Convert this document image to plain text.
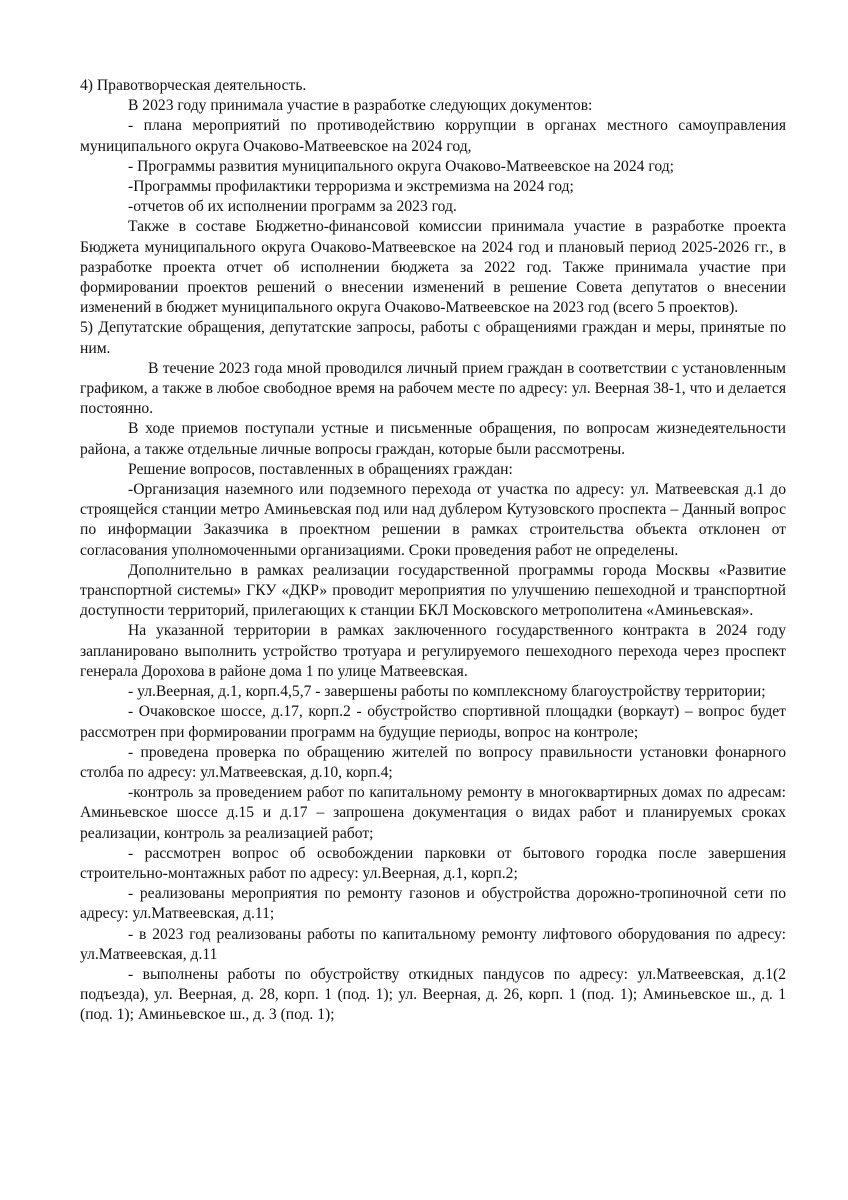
4) Правотворческая деятельность.

В 2023 году принимала участие в разработке следующих документов:

- плана мероприятий по противодействию коррупции в органах местного самоуправления муниципального округа Очаково-Матвеевское на 2024 год,

- Программы развития муниципального округа Очаково-Матвеевское на 2024 год;

-Программы профилактики терроризма и экстремизма на 2024 год;

-отчетов об их исполнении программ за 2023 год.

Также в составе Бюджетно-финансовой комиссии принимала участие в разработке проекта Бюджета муниципального округа Очаково-Матвеевское на 2024 год и плановый период 2025-2026 гг., в разработке проекта отчет об исполнении бюджета за 2022 год. Также принимала участие при формировании проектов решений о внесении изменений в решение Совета депутатов о внесении изменений в бюджет муниципального округа Очаково-Матвеевское на 2023 год (всего 5 проектов).

5) Депутатские обращения, депутатские запросы, работы с обращениями граждан и меры, принятые по ним.

В течение 2023 года мной проводился личный прием граждан в соответствии с установленным графиком, а также в любое свободное время на рабочем месте по адресу: ул. Веерная 38-1, что и делается постоянно.

В ходе приемов поступали устные и письменные обращения, по вопросам жизнедеятельности района, а также отдельные личные вопросы граждан, которые были рассмотрены.

Решение вопросов, поставленных в обращениях граждан:

-Организация наземного или подземного перехода от участка по адресу: ул. Матвеевская д.1 до строящейся станции метро Аминьевская под или над дублером Кутузовского проспекта – Данный вопрос по информации Заказчика в проектном решении в рамках строительства объекта отклонен от согласования уполномоченными организациями. Сроки проведения работ не определены.

Дополнительно в рамках реализации государственной программы города Москвы «Развитие транспортной системы» ГКУ «ДКР» проводит мероприятия по улучшению пешеходной и транспортной доступности территорий, прилегающих к станции БКЛ Московского метрополитена «Аминьевская».

На указанной территории в рамках заключенного государственного контракта в 2024 году запланировано выполнить устройство тротуара и регулируемого пешеходного перехода через проспект генерала Дорохова в районе дома 1 по улице Матвеевская.

- ул.Веерная, д.1, корп.4,5,7 - завершены работы по комплексному благоустройству территории;

- Очаковское шоссе, д.17, корп.2 - обустройство спортивной площадки (воркаут) – вопрос будет рассмотрен при формировании программ на будущие периоды, вопрос на контроле;

- проведена проверка по обращению жителей по вопросу правильности установки фонарного столба по адресу: ул.Матвеевская, д.10, корп.4;

-контроль за проведением работ по капитальному ремонту в многоквартирных домах по адресам: Аминьевское шоссе д.15 и д.17 – запрошена документация о видах работ и планируемых сроках реализации, контроль за реализацией работ;

- рассмотрен вопрос об освобождении парковки от бытового городка после завершения строительно-монтажных работ по адресу: ул.Веерная, д.1, корп.2;

- реализованы мероприятия по ремонту газонов и обустройства дорожно-тропиночной сети по адресу: ул.Матвеевская, д.11;

- в 2023 год реализованы работы по капитальному ремонту лифтового оборудования по адресу: ул.Матвеевская, д.11

- выполнены работы по обустройству откидных пандусов по адресу: ул.Матвеевская, д.1(2 подъезда), ул. Веерная, д. 28, корп. 1 (под. 1); ул. Веерная, д. 26, корп. 1 (под. 1); Аминьевское ш., д. 1 (под. 1); Аминьевское ш., д. 3 (под. 1);
